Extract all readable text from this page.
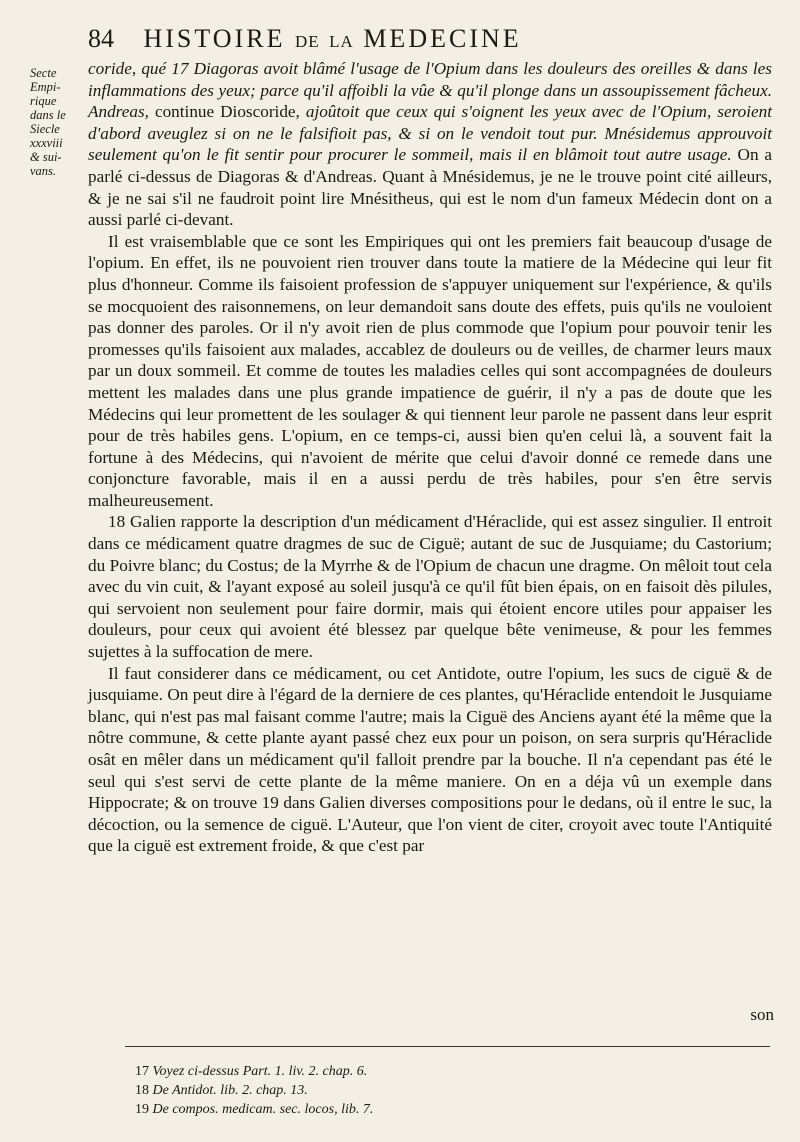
84 HISTOIRE DE LA MEDECINE
Secte
Empi-
rique
dans le
Siecle
xxxviii
& sui-
vans.

coride, qué 17 Diagoras avoit blâmé l'usage de l'Opium dans les douleurs des oreilles & dans les inflammations des yeux; parce qu'il affoibli la vûe & qu'il plonge dans un assoupissement fâcheux. Andreas, continue Dioscoride, ajoûtoit que ceux qui s'oignent les yeux avec de l'Opium, seroient d'abord aveuglez si on ne le falsifioit pas, & si on le vendoit tout pur. Mnésidemus approuvoit seulement qu'on le fit sentir pour procurer le sommeil, mais il en blâmoit tout autre usage. On a parlé ci-dessus de Diagoras & d'Andreas. Quant à Mnésidemus, je ne le trouve point cité ailleurs, & je ne sai s'il ne faudroit point lire Mnésitheus, qui est le nom d'un fameux Médecin dont on a aussi parlé ci-devant.

Il est vraisemblable que ce sont les Empiriques qui ont les premiers fait beaucoup d'usage de l'opium. En effet, ils ne pouvoient rien trouver dans toute la matiere de la Médecine qui leur fit plus d'honneur. Comme ils faisoient profession de s'appuyer uniquement sur l'expérience, & qu'ils se mocquoient des raisonnemens, on leur demandoit sans doute des effets, puis qu'ils ne vouloient pas donner des paroles. Or il n'y avoit rien de plus commode que l'opium pour pouvoir tenir les promesses qu'ils faisoient aux malades, accablez de douleurs ou de veilles, de charmer leurs maux par un doux sommeil. Et comme de toutes les maladies celles qui sont accompagnées de douleurs mettent les malades dans une plus grande impatience de guérir, il n'y a pas de doute que les Médecins qui leur promettent de les soulager & qui tiennent leur parole ne passent dans leur esprit pour de très habiles gens. L'opium, en ce temps-ci, aussi bien qu'en celui là, a souvent fait la fortune à des Médecins, qui n'avoient de mérite que celui d'avoir donné ce remede dans une conjoncture favorable, mais il en a aussi perdu de très habiles, pour s'en être servis malheureusement.

18 Galien rapporte la description d'un médicament d'Héraclide, qui est assez singulier. Il entroit dans ce médicament quatre dragmes de suc de Ciguë; autant de suc de Jusquiame; du Castorium; du Poivre blanc; du Costus; de la Myrrhe & de l'Opium de chacun une dragme. On mêloit tout cela avec du vin cuit, & l'ayant exposé au soleil jusqu'à ce qu'il fût bien épais, on en faisoit dès pilules, qui servoient non seulement pour faire dormir, mais qui étoient encore utiles pour appaiser les douleurs, pour ceux qui avoient été blessez par quelque bête venimeuse, & pour les femmes sujettes à la suffocation de mere.

Il faut considerer dans ce médicament, ou cet Antidote, outre l'opium, les sucs de ciguë & de jusquiame. On peut dire à l'égard de la derniere de ces plantes, qu'Héraclide entendoit le Jusquiame blanc, qui n'est pas mal faisant comme l'autre; mais la Ciguë des Anciens ayant été la même que la nôtre commune, & cette plante ayant passé chez eux pour un poison, on sera surpris qu'Héraclide osât en mêler dans un médicament qu'il falloit prendre par la bouche. Il n'a cependant pas été le seul qui s'est servi de cette plante de la même maniere. On en a déja vû un exemple dans Hippocrate; & on trouve 19 dans Galien diverses compositions pour le dedans, où il entre le suc, la décoction, ou la semence de ciguë. L'Auteur, que l'on vient de citer, croyoit avec toute l'Antiquité que la ciguë est extrement froide, & que c'est par

son
17 Voyez ci-dessus Part. 1. liv. 2. chap. 6.
18 De Antidot. lib. 2. chap. 13.
19 De compos. medicam. sec. locos, lib. 7.
